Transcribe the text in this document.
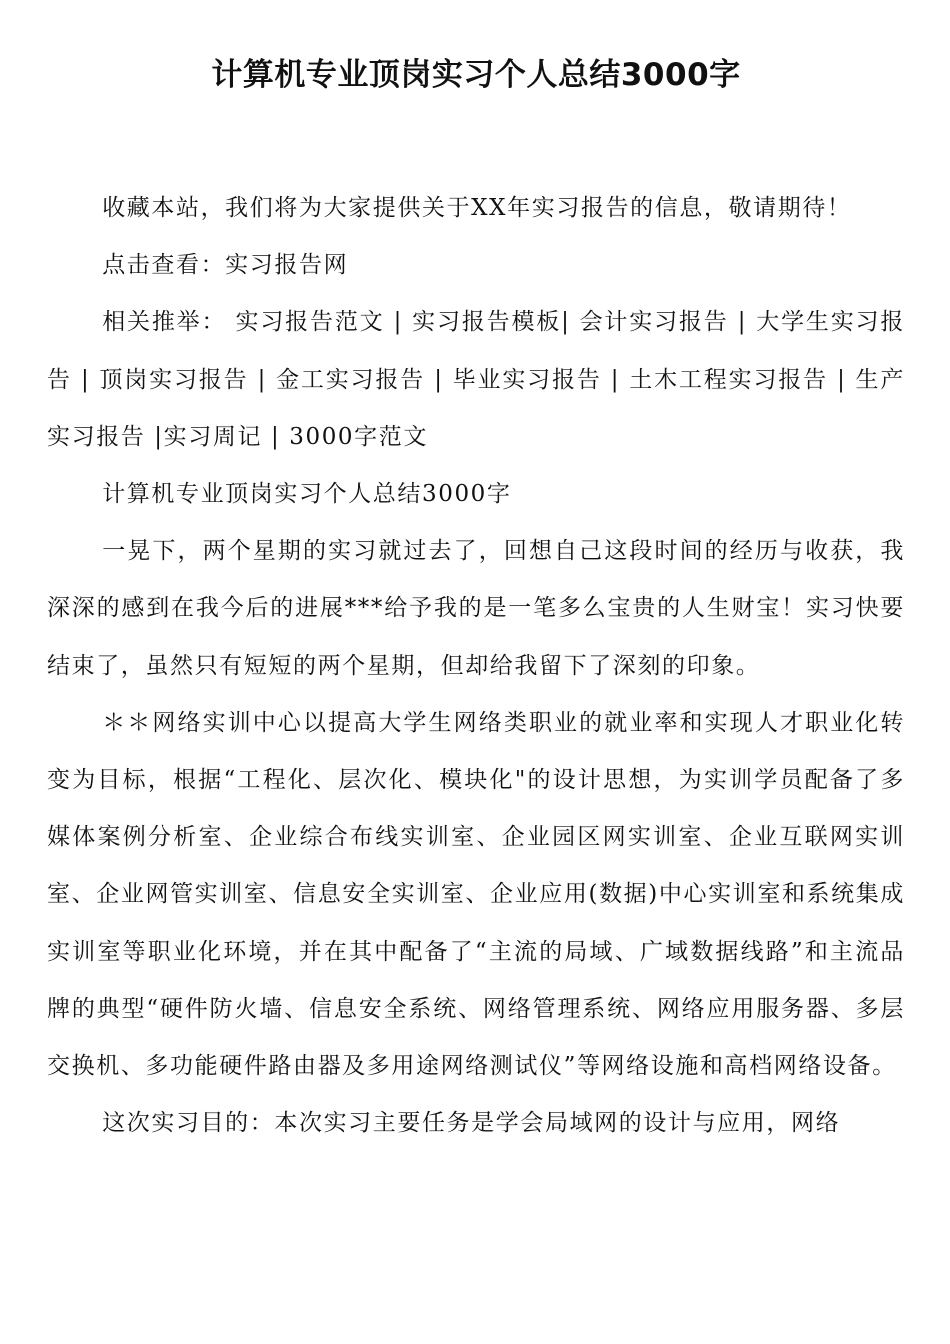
计算机专业顶岗实习个人总结3000字

收藏本站，我们将为大家提供关于XX年实习报告的信息，敬请期待！

点击查看：实习报告网

相关推举： 实习报告范文 | 实习报告模板| 会计实习报告 | 大学生实习报告 | 顶岗实习报告 | 金工实习报告 | 毕业实习报告 | 土木工程实习报告 | 生产实习报告 |实习周记 | 3000字范文

计算机专业顶岗实习个人总结3000字

一晃下，两个星期的实习就过去了，回想自己这段时间的经历与收获，我深深的感到在我今后的进展***给予我的是一笔多么宝贵的人生财宝！实习快要结束了，虽然只有短短的两个星期，但却给我留下了深刻的印象。

＊＊网络实训中心以提高大学生网络类职业的就业率和实现人才职业化转变为目标，根据“工程化、层次化、模块化"的设计思想，为实训学员配备了多媒体案例分析室、企业综合布线实训室、企业园区网实训室、企业互联网实训室、企业网管实训室、信息安全实训室、企业应用(数据)中心实训室和系统集成实训室等职业化环境，并在其中配备了“主流的局域、广域数据线路”和主流品牌的典型“硬件防火墙、信息安全系统、网络管理系统、网络应用服务器、多层交换机、多功能硬件路由器及多用途网络测试仪”等网络设施和高档网络设备。

这次实习目的：本次实习主要任务是学会局域网的设计与应用，网络
